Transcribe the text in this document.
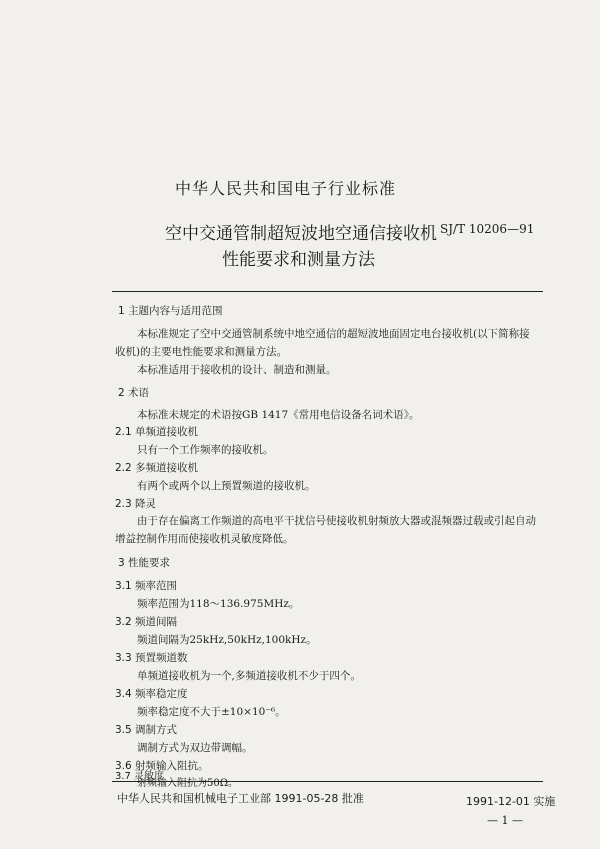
中华人民共和国电子行业标准
空中交通管制超短波地空通信接收机
性能要求和测量方法
SJ/T 10206—91
1 主题内容与适用范围
本标准规定了空中交通管制系统中地空通信的超短波地面固定电台接收机(以下简称接
收机)的主要电性能要求和测量方法。
本标准适用于接收机的设计、制造和测量。
2 术语
本标准未规定的术语按GB 1417《常用电信设备名词术语》。
2.1 单频道接收机
只有一个工作频率的接收机。
2.2 多频道接收机
有两个或两个以上预置频道的接收机。
2.3 降灵
由于存在偏离工作频道的高电平干扰信号使接收机射频放大器或混频器过载或引起自动
增益控制作用而使接收机灵敏度降低。
3 性能要求
3.1 频率范围
频率范围为118～136.975MHz。
3.2 频道间隔
频道间隔为25kHz,50kHz,100kHz。
3.3 预置频道数
单频道接收机为一个,多频道接收机不少于四个。
3.4 频率稳定度
频率稳定度不大于±10×10⁻⁶。
3.5 调制方式
调制方式为双边带调幅。
3.6 射频输入阻抗。
射频输入阻抗为50Ω。
中华人民共和国机械电子工业部 1991-05-28 批准	1991-12-01 实施
— 1 —
3.7 灵敏度
